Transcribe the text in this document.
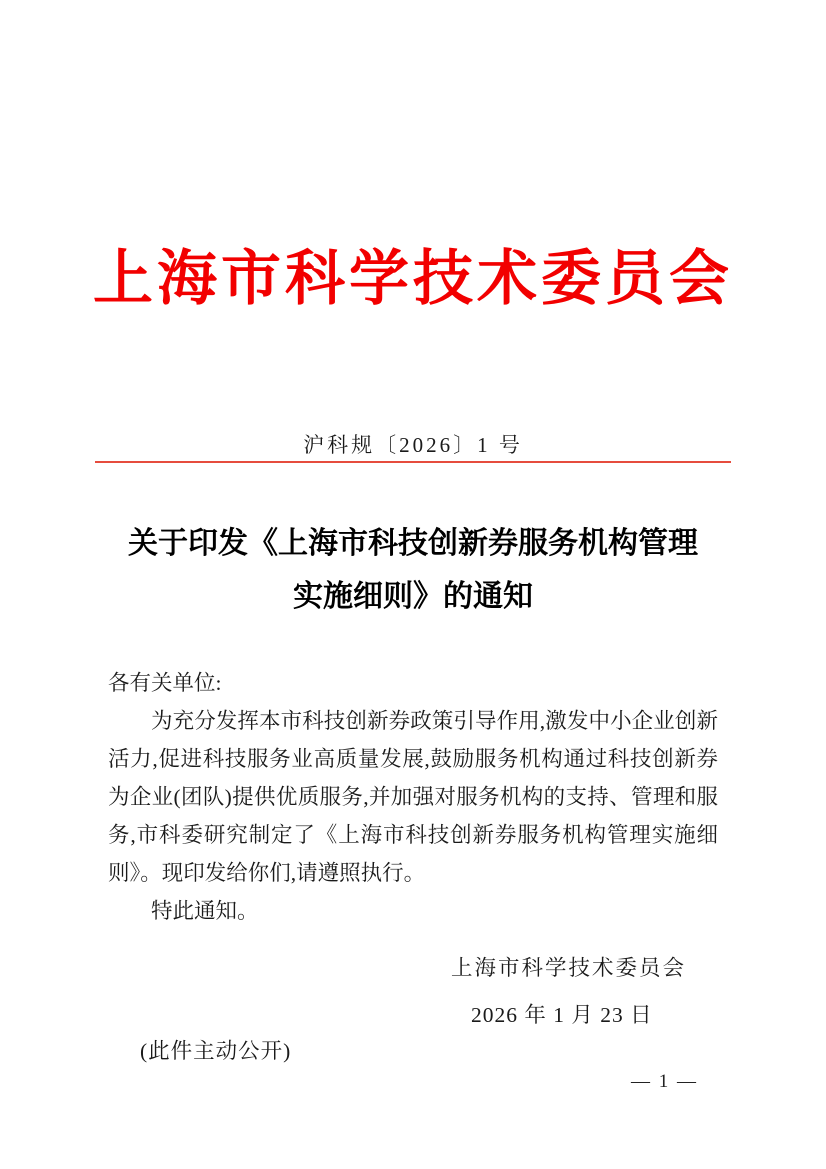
上海市科学技术委员会
沪科规〔2026〕1 号
关于印发《上海市科技创新券服务机构管理
实施细则》的通知
各有关单位:
为充分发挥本市科技创新券政策引导作用,激发中小企业创新活力,促进科技服务业高质量发展,鼓励服务机构通过科技创新券为企业(团队)提供优质服务,并加强对服务机构的支持、管理和服务,市科委研究制定了《上海市科技创新券服务机构管理实施细则》。现印发给你们,请遵照执行。
特此通知。
上海市科学技术委员会
2026 年 1 月 23 日
(此件主动公开)
— 1 —
